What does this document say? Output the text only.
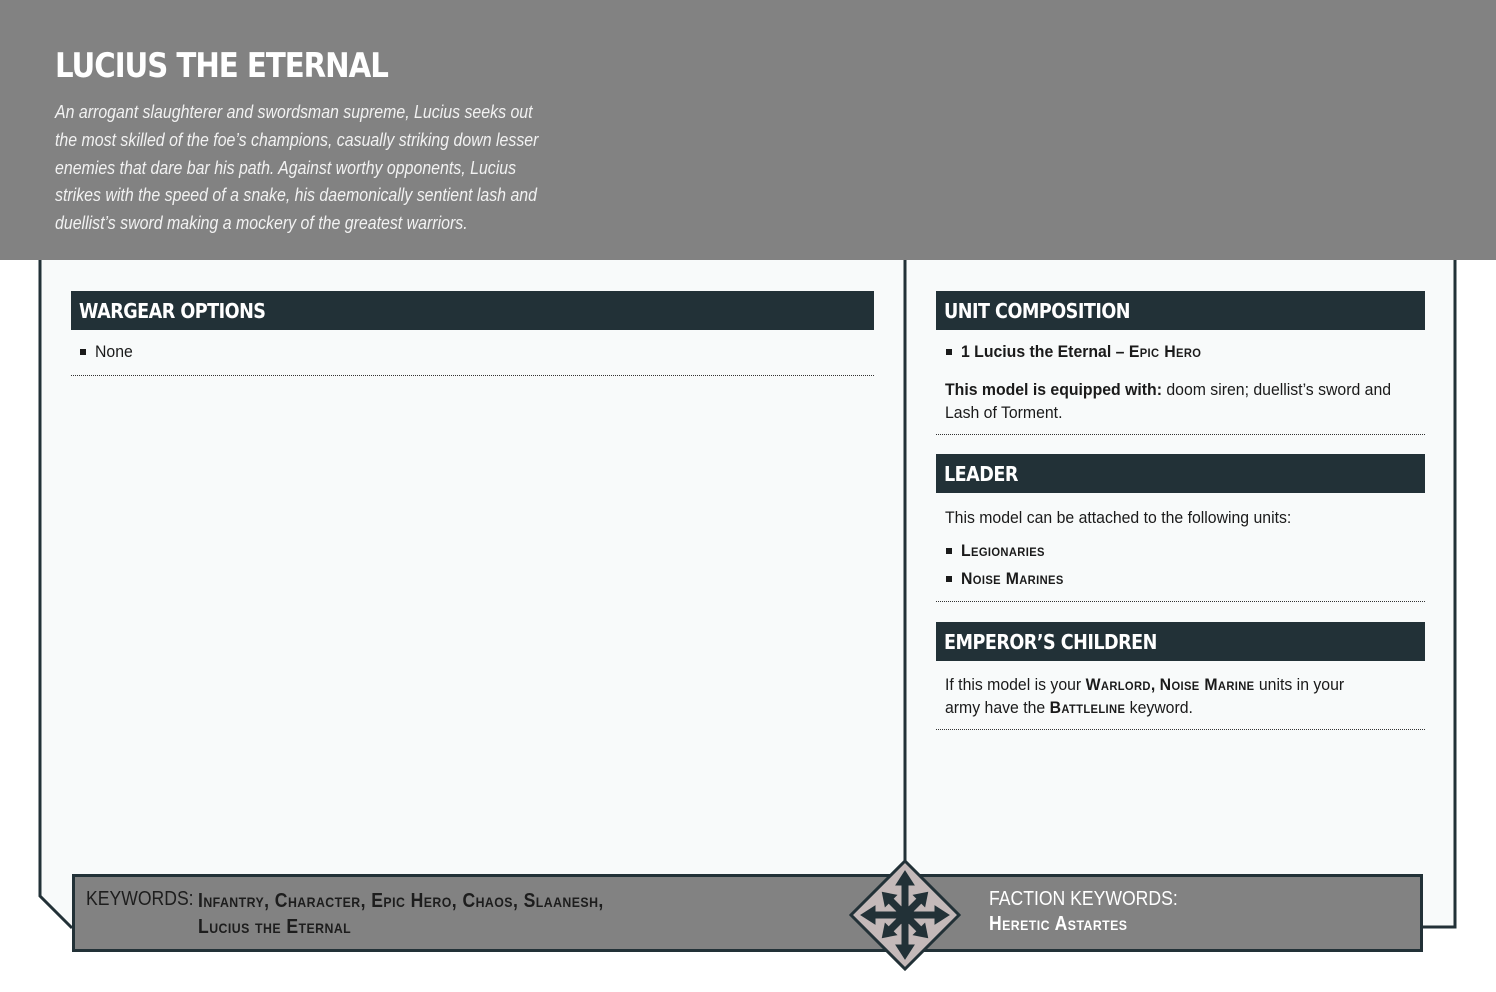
LUCIUS THE ETERNAL
An arrogant slaughterer and swordsman supreme, Lucius seeks out
the most skilled of the foe’s champions, casually striking down lesser
enemies that dare bar his path. Against worthy opponents, Lucius
strikes with the speed of a snake, his daemonically sentient lash and
duellist’s sword making a mockery of the greatest warriors.
WARGEAR OPTIONS
None
UNIT COMPOSITION
1 Lucius the Eternal – Epic Hero
This model is equipped with: doom siren; duellist’s sword and
Lash of Torment.
LEADER
This model can be attached to the following units:
Legionaries
Noise Marines
EMPEROR’S CHILDREN
If this model is your Warlord, Noise Marine units in your
army have the Battleline keyword.
KEYWORDS: Infantry, Character, Epic Hero, Chaos, Slaanesh,
Lucius the Eternal
FACTION KEYWORDS:
Heretic Astartes
